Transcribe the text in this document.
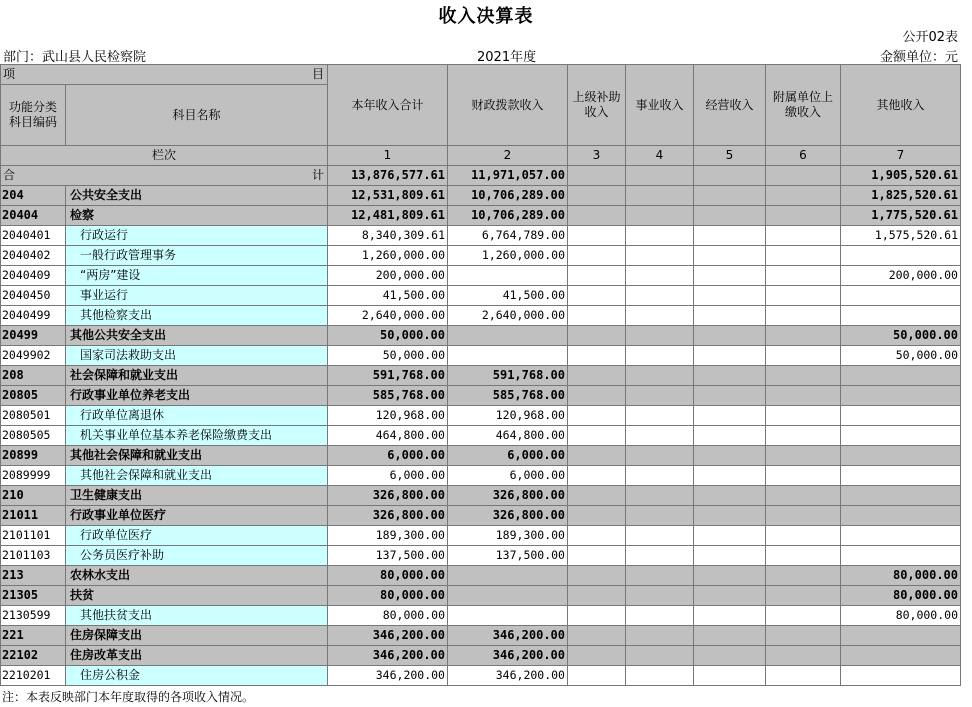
收入决算表
公开02表
部门：武山县人民检察院	2021年度	金额单位：元
项 目		本年收入合计	财政拨款收入	上级补助收入	事业收入	经营收入	附属单位上缴收入	其他收入

功能分类科目编码	科目名称							

栏次		1	2	3	4	5	6	7
合 计		13,876,577.61	11,971,057.00					1,905,520.61
204	公共安全支出	12,531,809.61	10,706,289.00					1,825,520.61
20404	检察	12,481,809.61	10,706,289.00					1,775,520.61
2040401	行政运行	8,340,309.61	6,764,789.00					1,575,520.61
2040402	一般行政管理事务	1,260,000.00	1,260,000.00					
2040409	“两房”建设	200,000.00						200,000.00
2040450	事业运行	41,500.00	41,500.00					
2040499	其他检察支出	2,640,000.00	2,640,000.00					
20499	其他公共安全支出	50,000.00						50,000.00
2049902	国家司法救助支出	50,000.00						50,000.00
208	社会保障和就业支出	591,768.00	591,768.00					
20805	行政事业单位养老支出	585,768.00	585,768.00					
2080501	行政单位离退休	120,968.00	120,968.00					
2080505	机关事业单位基本养老保险缴费支出	464,800.00	464,800.00					
20899	其他社会保障和就业支出	6,000.00	6,000.00					
2089999	其他社会保障和就业支出	6,000.00	6,000.00					
210	卫生健康支出	326,800.00	326,800.00					
21011	行政事业单位医疗	326,800.00	326,800.00					
2101101	行政单位医疗	189,300.00	189,300.00					
2101103	公务员医疗补助	137,500.00	137,500.00					
213	农林水支出	80,000.00						80,000.00
21305	扶贫	80,000.00						80,000.00
2130599	其他扶贫支出	80,000.00						80,000.00
221	住房保障支出	346,200.00	346,200.00					
22102	住房改革支出	346,200.00	346,200.00					
2210201	住房公积金	346,200.00	346,200.00					
注：本表反映部门本年度取得的各项收入情况。
